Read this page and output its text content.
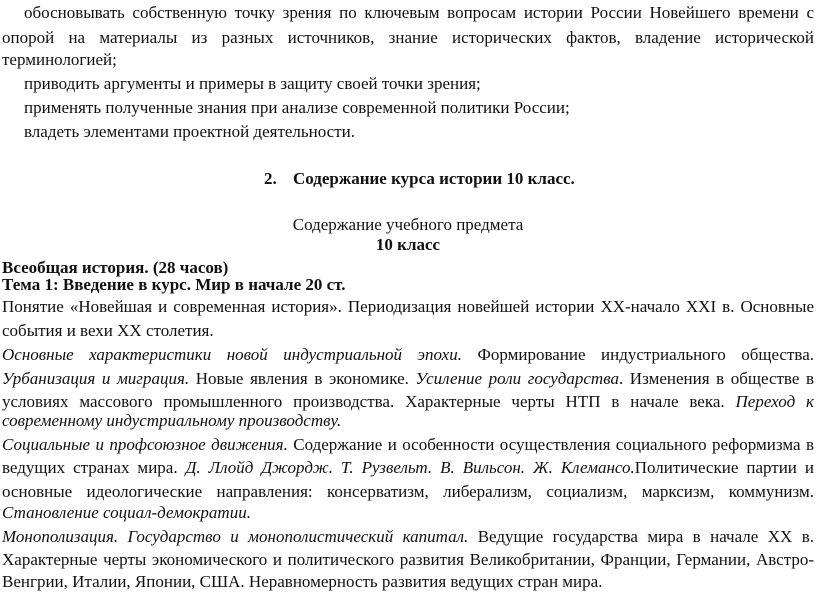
обосновывать собственную точку зрения по ключевым вопросам истории России Новейшего времени с
опорой на материалы из разных источников, знание исторических фактов, владение исторической
терминологией;
приводить аргументы и примеры в защиту своей точки зрения;
применять полученные знания при анализе современной политики России;
владеть элементами проектной деятельности.
2. Содержание курса истории 10 класс.
Содержание учебного предмета
10 класс
Всеобщая история. (28 часов)
Тема 1: Введение в курс. Мир в начале 20 ст.
Понятие «Новейшая и современная история». Периодизация новейшей истории XX-начало XXI в. Основные
события и вехи XX столетия.
Основные характеристики новой индустриальной эпохи. Формирование индустриального общества.
Урбанизация и миграция. Новые явления в экономике. Усиление роли государства. Изменения в обществе в
условиях массового промышленного производства. Характерные черты НТП в начале века. Переход к
современному индустриальному производству.
Социальные и профсоюзное движения. Содержание и особенности осуществления социального реформизма в
ведущих странах мира. Д. Ллойд Джордж. Т. Рузвельт. В. Вильсон. Ж. Клемансо.Политические партии и
основные идеологические направления: консерватизм, либерализм, социализм, марксизм, коммунизм.
Становление социал-демократии.
Монополизация. Государство и монополистический капитал. Ведущие государства мира в начале XX в.
Характерные черты экономического и политического развития Великобритании, Франции, Германии, Австро-
Венгрии, Италии, Японии, США. Неравномерность развития ведущих стран мира.
